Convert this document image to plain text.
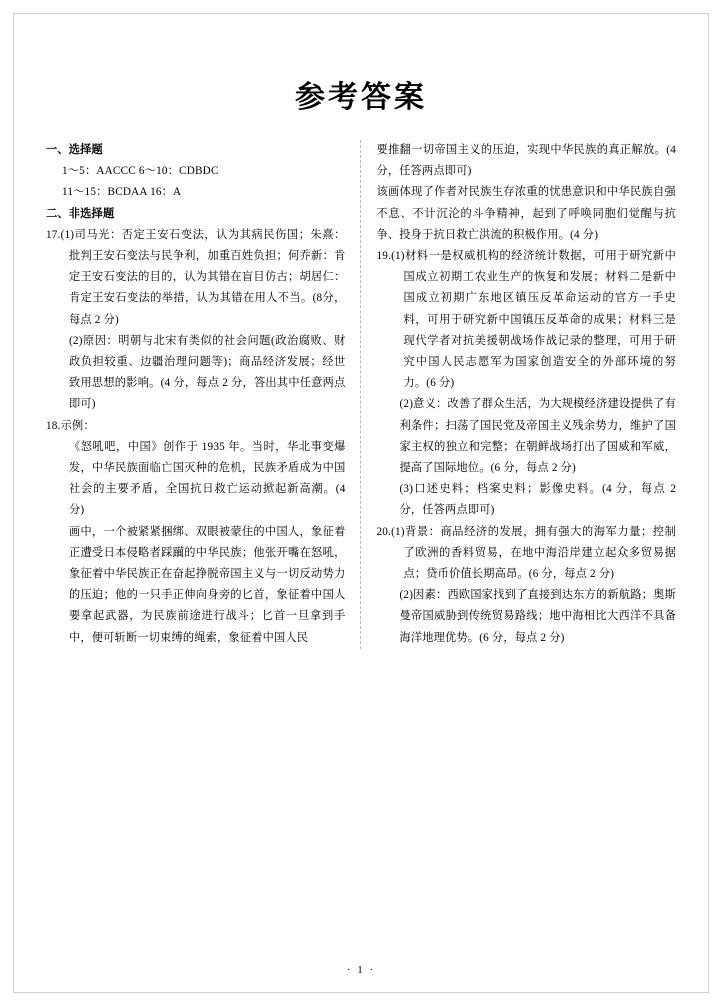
参考答案

一、选择题

1～5：AACCC 6～10：CDBDC

11～15：BCDAA 16：A

二、非选择题

17.(1)司马光：否定王安石变法，认为其病民伤国；朱熹：批判王安石变法与民争利，加重百姓负担；何乔新：肯定王安石变法的目的，认为其错在盲目仿古；胡居仁：肯定王安石变法的举措，认为其错在用人不当。(8分，每点 2 分)

(2)原因：明朝与北宋有类似的社会问题(政治腐败、财政负担较重、边疆治理问题等)；商品经济发展；经世致用思想的影响。(4 分，每点 2 分，答出其中任意两点即可)

18.示例：

《怒吼吧，中国》创作于 1935 年。当时，华北事变爆发，中华民族面临亡国灭种的危机，民族矛盾成为中国社会的主要矛盾，全国抗日救亡运动掀起新高潮。(4 分)

画中，一个被紧紧捆绑、双眼被蒙住的中国人，象征着正遭受日本侵略者踩躏的中华民族；他张开嘴在怒吼，象征着中华民族正在奋起挣脱帝国主义与一切反动势力的压迫；他的一只手正伸向身旁的匕首，象征着中国人要拿起武器，为民族前途进行战斗；匕首一旦拿到手中，便可斩断一切束缚的绳索，象征着中国人民

要推翻一切帝国主义的压迫，实现中华民族的真正解放。(4 分，任答两点即可)

该画体现了作者对民族生存浓重的忧患意识和中华民族自强不息、不计沉沦的斗争精神，起到了呼唤同胞们觉醒与抗争、投身于抗日救亡洪流的积极作用。(4 分)

19.(1)材料一是权威机构的经济统计数据，可用于研究新中国成立初期工农业生产的恢复和发展；材料二是新中国成立初期广东地区镇压反革命运动的官方一手史料，可用于研究新中国镇压反革命的成果；材料三是现代学者对抗美援朝战场作战记录的整理，可用于研究中国人民志愿军为国家创造安全的外部环境的努力。(6 分)

(2)意义：改善了群众生活，为大规模经济建设提供了有利条件；扫荡了国民党及帝国主义残余势力，维护了国家主权的独立和完整；在朝鲜战场打出了国威和军威，提高了国际地位。(6 分，每点 2 分)

(3)口述史料；档案史料；影像史料。(4 分，每点 2 分，任答两点即可)

20.(1)背景：商品经济的发展，拥有强大的海军力量；控制了欧洲的香料贸易，在地中海沿岸建立起众多贸易据点；贷币价值长期高昂。(6 分，每点 2 分)

(2)因素：西欧国家找到了直接到达东方的新航路；奥斯曼帝国威胁到传统贸易路线；地中海相比大西洋不具备海洋地理优势。(6 分，每点 2 分)

· 1 ·
